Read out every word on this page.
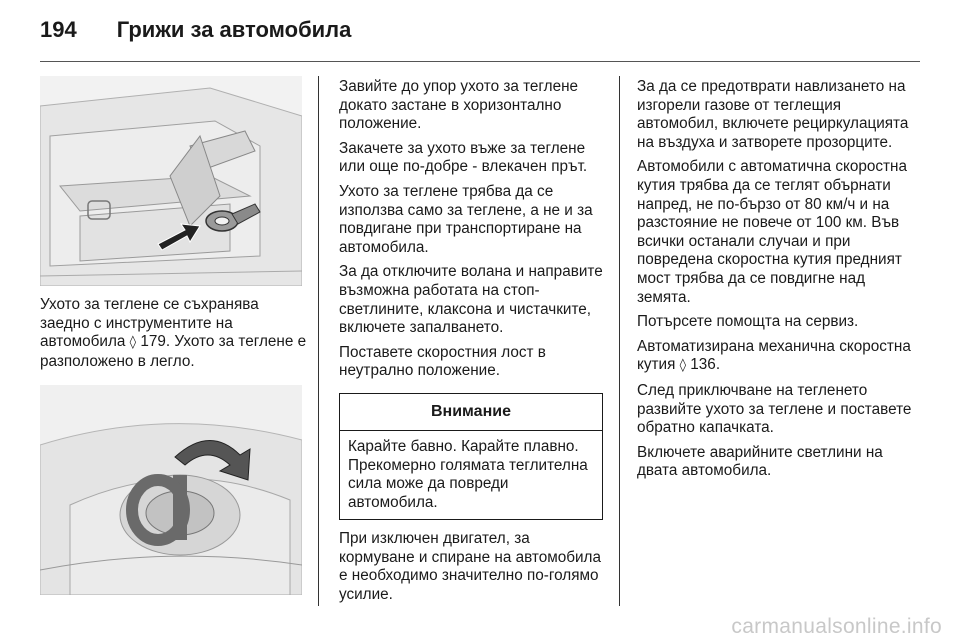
194 Грижи за автомобила

Ухото за теглене се съхранява заедно с инструментите на автомобила ◊ 179. Ухото за теглене е разположено в легло.

Завийте до упор ухото за теглене докато застане в хоризонтално положение.

Закачете за ухото въже за теглене или още по-добре - влекачен прът.

Ухото за теглене трябва да се използва само за теглене, а не и за повдигане при транспортиране на автомобила.

За да отключите волана и направите възможна работата на стоп-светлините, клаксона и чистачките, включете запалването.

Поставете скоростния лост в неутрално положение.

Внимание
Карайте бавно. Карайте плавно. Прекомерно голямата теглителна сила може да повреди автомобила.

При изключен двигател, за кормуване и спиране на автомобила е необходимо значително по-голямо усилие.

За да се предотврати навлизането на изгорели газове от теглещия автомобил, включете рециркулацията на въздуха и затворете прозорците.

Автомобили с автоматична скоростна кутия трябва да се теглят обърнати напред, не по-бързо от 80 км/ч и на разстояние не повече от 100 км. Във всички останали случаи и при повредена скоростна кутия предният мост трябва да се повдигне над земята.

Потърсете помощта на сервиз.

Автоматизирана механична скоростна кутия ◊ 136.

След приключване на тегленето развийте ухото за теглене и поставете обратно капачката.

Включете аварийните светлини на двата автомобила.

carmanualsonline.info
